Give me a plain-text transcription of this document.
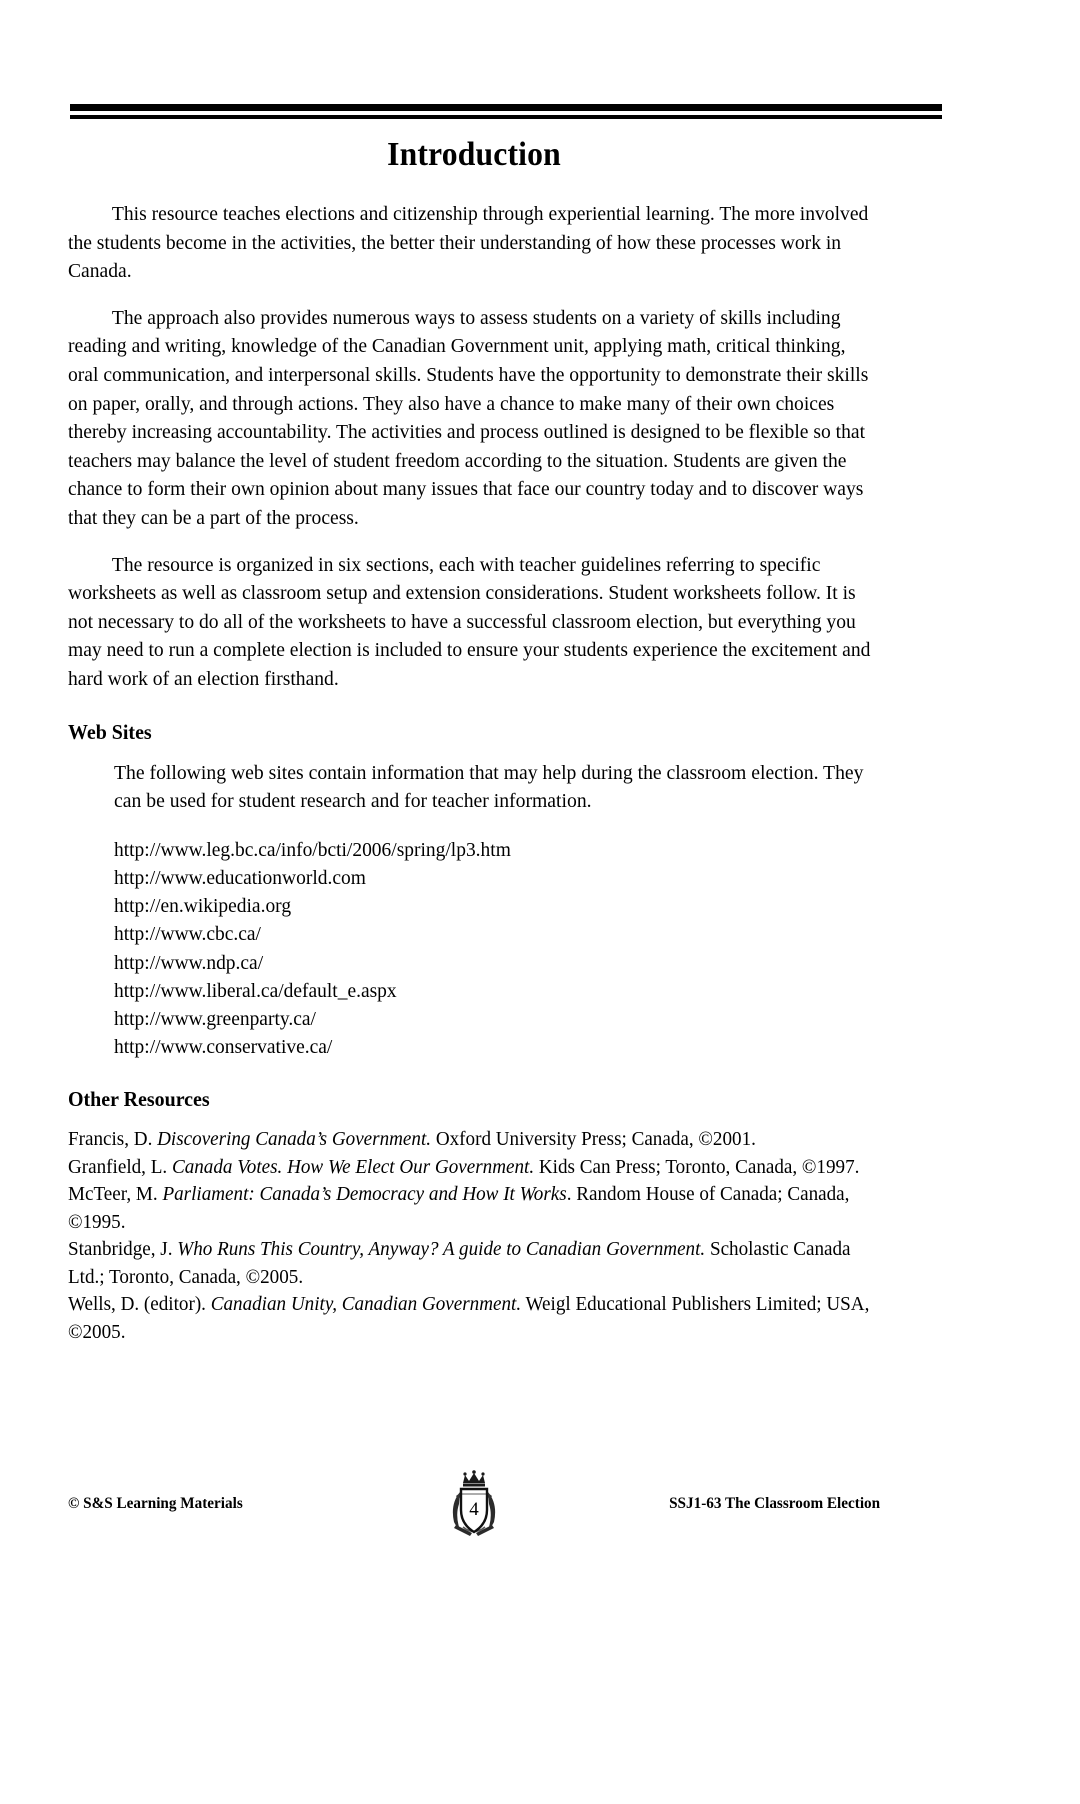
Introduction

This resource teaches elections and citizenship through experiential learning. The more involved the students become in the activities, the better their understanding of how these processes work in Canada.

The approach also provides numerous ways to assess students on a variety of skills including reading and writing, knowledge of the Canadian Government unit, applying math, critical thinking, oral communication, and interpersonal skills. Students have the opportunity to demonstrate their skills on paper, orally, and through actions. They also have a chance to make many of their own choices thereby increasing accountability. The activities and process outlined is designed to be flexible so that teachers may balance the level of student freedom according to the situation. Students are given the chance to form their own opinion about many issues that face our country today and to discover ways that they can be a part of the process.

The resource is organized in six sections, each with teacher guidelines referring to specific worksheets as well as classroom setup and extension considerations. Student worksheets follow. It is not necessary to do all of the worksheets to have a successful classroom election, but everything you may need to run a complete election is included to ensure your students experience the excitement and hard work of an election firsthand.

Web Sites

The following web sites contain information that may help during the classroom election. They can be used for student research and for teacher information.

http://www.leg.bc.ca/info/bcti/2006/spring/lp3.htm
http://www.educationworld.com
http://en.wikipedia.org
http://www.cbc.ca/
http://www.ndp.ca/
http://www.liberal.ca/default_e.aspx
http://www.greenparty.ca/
http://www.conservative.ca/
Other Resources

Francis, D. Discovering Canada’s Government. Oxford University Press; Canada, ©2001.

Granfield, L. Canada Votes. How We Elect Our Government. Kids Can Press; Toronto, Canada, ©1997.

McTeer, M. Parliament: Canada’s Democracy and How It Works. Random House of Canada; Canada, ©1995.

Stanbridge, J. Who Runs This Country, Anyway? A guide to Canadian Government. Scholastic Canada Ltd.; Toronto, Canada, ©2005.

Wells, D. (editor). Canadian Unity, Canadian Government. Weigl Educational Publishers Limited; USA, ©2005.

© S&S Learning Materials	4	SSJ1-63 The Classroom Election
